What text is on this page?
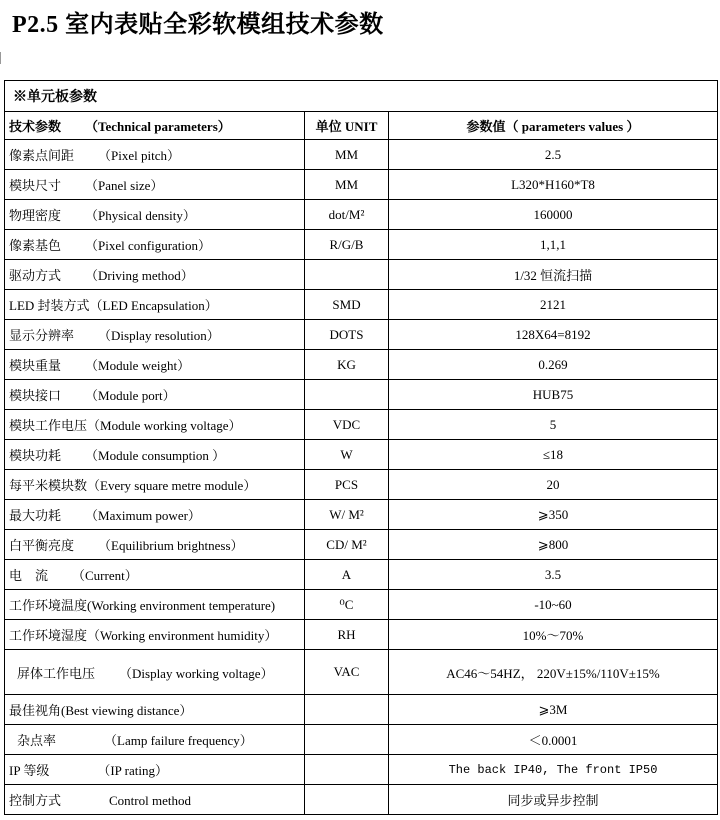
P2.5 室内表贴全彩软模组技术参数
※单元板参数		
技术参数 （Technical parameters）	单位 UNIT	参数值（ parameters values ）
像素点间距 （Pixel pitch）	MM	2.5
模块尺寸 （Panel size）	MM	L320*H160*T8
物理密度 （Physical density）	dot/M²	160000
像素基色 （Pixel configuration）	R/G/B	1,1,1
驱动方式 （Driving method）		1/32 恒流扫描
LED 封装方式（LED Encapsulation）	SMD	2121
显示分辨率 （Display resolution）	DOTS	128X64=8192
模块重量 （Module weight）	KG	0.269
模块接口 （Module port）		HUB75
模块工作电压（Module working voltage）	VDC	5
模块功耗 （Module consumption ）	W	≤18
每平米模块数（Every square metre module）	PCS	20
最大功耗 （Maximum power）	W/ M²	⩾350
白平衡亮度 （Equilibrium brightness）	CD/ M²	⩾800
电    流 （Current）	A	3.5
工作环境温度(Working environment temperature)	⁰C	-10~60
工作环境湿度（Working environment humidity）	RH	10%～70%
屏体工作电压 （Display working voltage）	VAC	AC46～54HZ， 220V±15%/110V±15%
最佳视角(Best viewing distance）		⩾3M
杂点率 （Lamp failure frequency）		＜0.0001
IP 等级 （IP rating）		The back IP40, The front IP50
控制方式 Control method		同步或异步控制
